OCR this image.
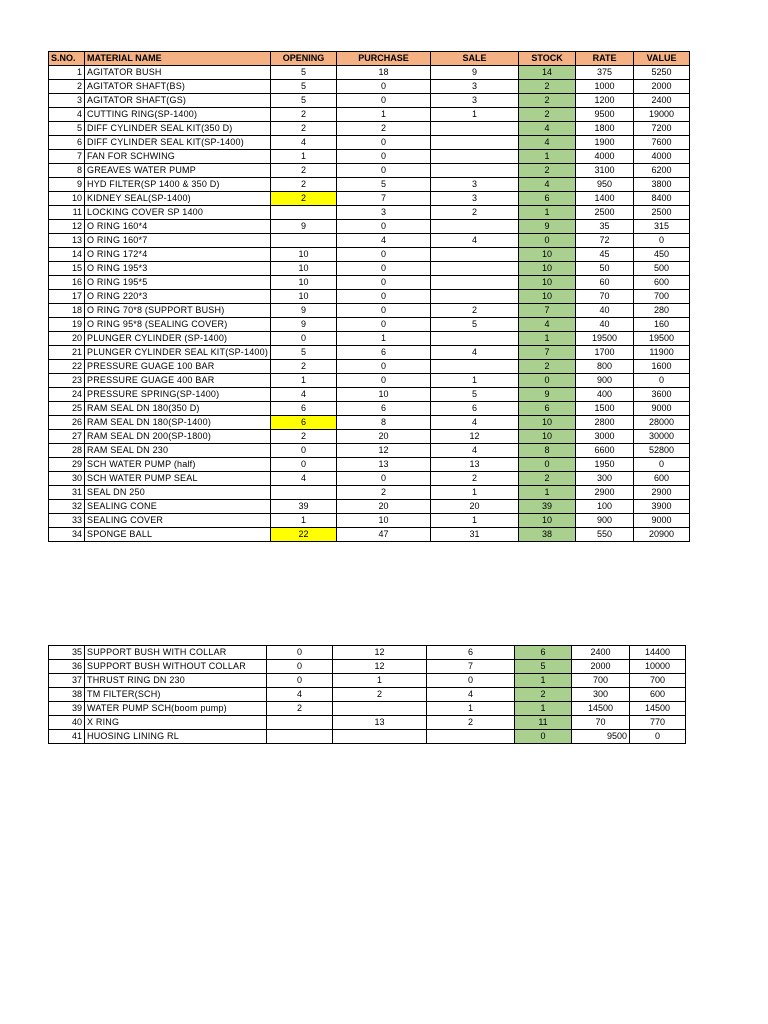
S.NO.	MATERIAL NAME	OPENING	PURCHASE	SALE	STOCK	RATE	VALUE
1	AGITATOR BUSH	5	18	9	14	375	5250
2	AGITATOR SHAFT(BS)	5	0	3	2	1000	2000
3	AGITATOR SHAFT(GS)	5	0	3	2	1200	2400
4	CUTTING RING(SP-1400)	2	1	1	2	9500	19000
5	DIFF CYLINDER SEAL KIT(350 D)	2	2		4	1800	7200
6	DIFF CYLINDER SEAL KIT(SP-1400)	4	0		4	1900	7600
7	FAN FOR SCHWING	1	0		1	4000	4000
8	GREAVES WATER PUMP	2	0		2	3100	6200
9	HYD FILTER(SP 1400 & 350 D)	2	5	3	4	950	3800
10	KIDNEY SEAL(SP-1400)	2	7	3	6	1400	8400
11	LOCKING COVER SP 1400		3	2	1	2500	2500
12	O RING 160*4	9	0		9	35	315
13	O RING 160*7		4	4	0	72	0
14	O RING 172*4	10	0		10	45	450
15	O RING 195*3	10	0		10	50	500
16	O RING 195*5	10	0		10	60	600
17	O RING 220*3	10	0		10	70	700
18	O RING 70*8 (SUPPORT BUSH)	9	0	2	7	40	280
19	O RING 95*8 (SEALING COVER)	9	0	5	4	40	160
20	PLUNGER CYLINDER (SP-1400)	0	1		1	19500	19500
21	PLUNGER CYLINDER SEAL KIT(SP-1400)	5	6	4	7	1700	11900
22	PRESSURE GUAGE 100 BAR	2	0		2	800	1600
23	PRESSURE GUAGE 400 BAR	1	0	1	0	900	0
24	PRESSURE SPRING(SP-1400)	4	10	5	9	400	3600
25	RAM SEAL DN 180(350 D)	6	6	6	6	1500	9000
26	RAM SEAL DN 180(SP-1400)	6	8	4	10	2800	28000
27	RAM SEAL DN 200(SP-1800)	2	20	12	10	3000	30000
28	RAM SEAL DN 230	0	12	4	8	6600	52800
29	SCH WATER PUMP (half)	0	13	13	0	1950	0
30	SCH WATER PUMP SEAL	4	0	2	2	300	600
31	SEAL DN 250		2	1	1	2900	2900
32	SEALING CONE	39	20	20	39	100	3900
33	SEALING COVER	1	10	1	10	900	9000
34	SPONGE BALL	22	47	31	38	550	20900
35	SUPPORT BUSH WITH COLLAR	0	12	6	6	2400	14400
36	SUPPORT BUSH WITHOUT COLLAR	0	12	7	5	2000	10000
37	THRUST RING DN 230	0	1	0	1	700	700
38	TM FILTER(SCH)	4	2	4	2	300	600
39	WATER PUMP SCH(boom pump)	2		1	1	14500	14500
40	X RING		13	2	11	70	770
41	HUOSING LINING RL				0	9500	0
